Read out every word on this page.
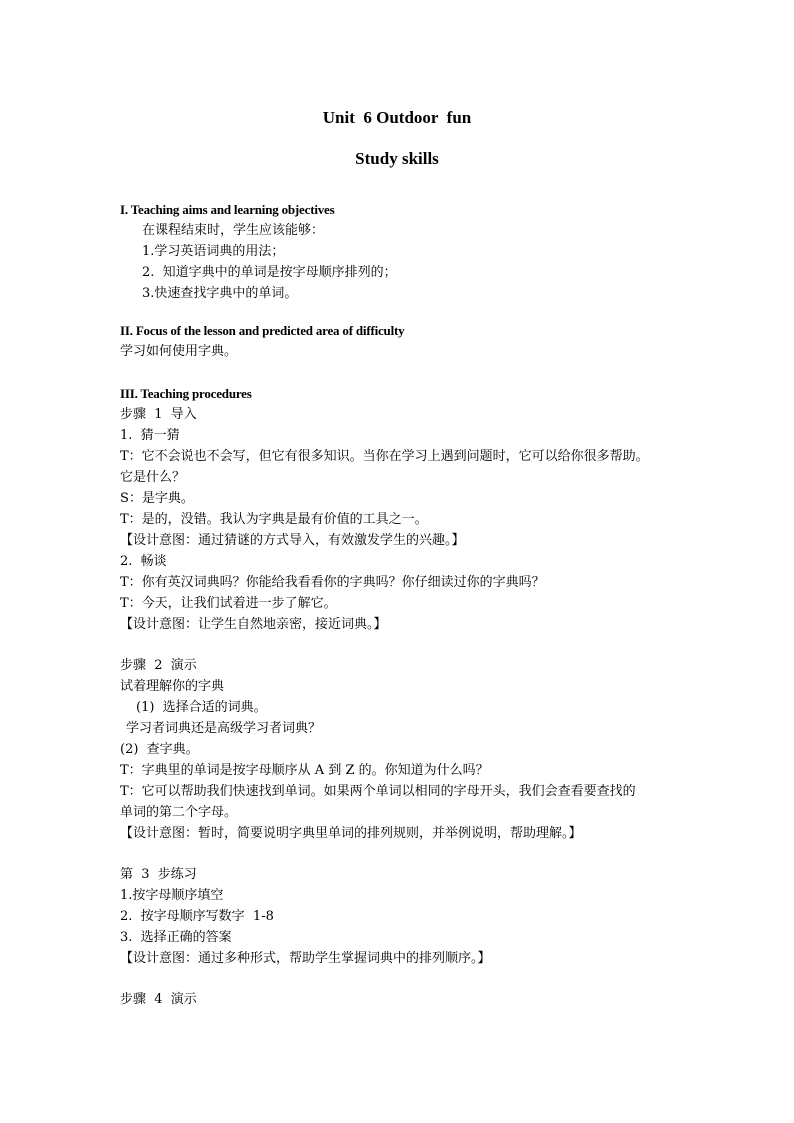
Unit  6 Outdoor  fun
Study skills
I. Teaching aims and learning objectives
在课程结束时，学生应该能够：
1.学习英语词典的用法；
2.  知道字典中的单词是按字母顺序排列的；
3.快速查找字典中的单词。
II. Focus of the lesson and predicted area of difficulty
学习如何使用字典。
III. Teaching procedures
步骤  1  导入
1.  猜一猜
T：它不会说也不会写，但它有很多知识。当你在学习上遇到问题时，它可以给你很多帮助。
它是什么？
S：是字典。
T：是的，没错。我认为字典是最有价值的工具之一。
【设计意图：通过猜谜的方式导入，有效激发学生的兴趣。】
2.  畅谈
T：你有英汉词典吗？你能给我看看你的字典吗？你仔细读过你的字典吗？
T：今天，让我们试着进一步了解它。
【设计意图：让学生自然地亲密，接近词典。】
步骤  2  演示
试着理解你的字典
(1)  选择合适的词典。
学习者词典还是高级学习者词典？
(2)  查字典。
T：字典里的单词是按字母顺序从 A 到 Z 的。你知道为什么吗？
T：它可以帮助我们快速找到单词。如果两个单词以相同的字母开头，我们会查看要查找的
单词的第二个字母。
【设计意图：暂时，简要说明字典里单词的排列规则，并举例说明，帮助理解。】
第  3  步练习
1.按字母顺序填空
2.  按字母顺序写数字  1-8
3.  选择正确的答案
【设计意图：通过多种形式，帮助学生掌握词典中的排列顺序。】
步骤  4  演示
